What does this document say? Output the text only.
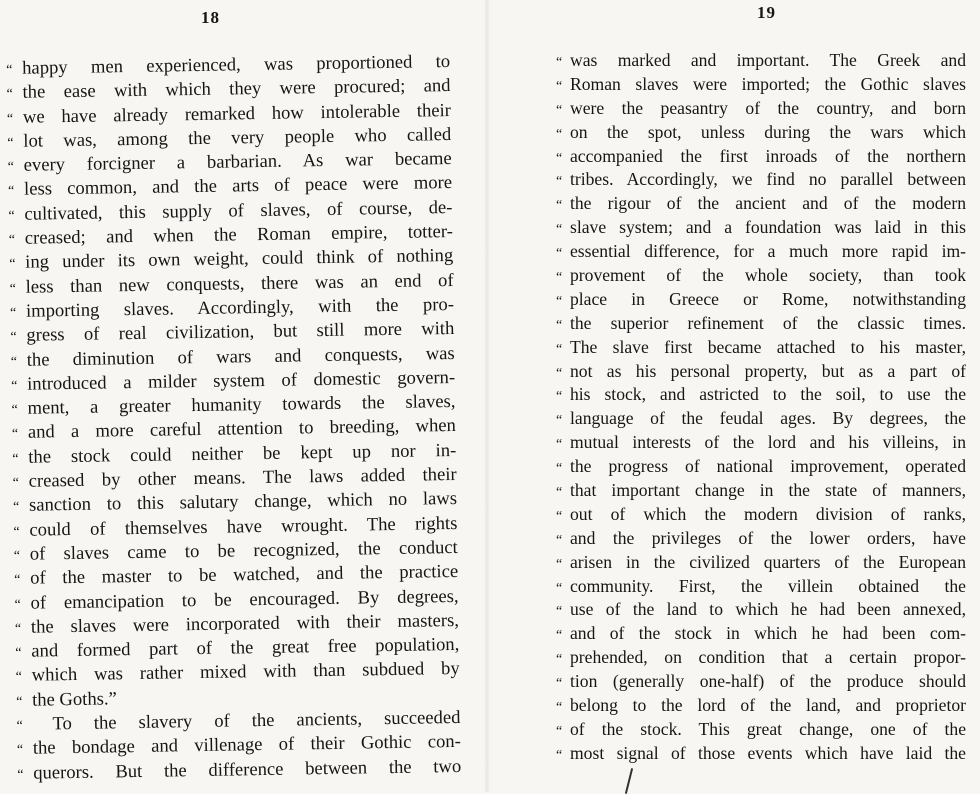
18
“ happy men experienced, was proportioned to
“ the ease with which they were procured; and
“ we have already remarked how intolerable their
“ lot was, among the very people who called
“ every forcigner a barbarian. As war became
“ less common, and the arts of peace were more
“ cultivated, this supply of slaves, of course, de-
“ creased; and when the Roman empire, totter-
“ ing under its own weight, could think of nothing
“ less than new conquests, there was an end of
“ importing slaves. Accordingly, with the pro-
“ gress of real civilization, but still more with
“ the diminution of wars and conquests, was
“ introduced a milder system of domestic govern-
“ ment, a greater humanity towards the slaves,
“ and a more careful attention to breeding, when
“ the stock could neither be kept up nor in-
“ creased by other means. The laws added their
“ sanction to this salutary change, which no laws
“ could of themselves have wrought. The rights
“ of slaves came to be recognized, the conduct
“ of the master to be watched, and the practice
“ of emancipation to be encouraged. By degrees,
“ the slaves were incorporated with their masters,
“ and formed part of the great free population,
“ which was rather mixed with than subdued by
“ the Goths.”
“	To the slavery of the ancients, succeeded
“ the bondage and villenage of their Gothic con-
“ querors. But the difference between the two
19
“ was marked and important. The Greek and
“ Roman slaves were imported; the Gothic slaves
“ were the peasantry of the country, and born
“ on the spot, unless during the wars which
“ accompanied the first inroads of the northern
“ tribes. Accordingly, we find no parallel between
“ the rigour of the ancient and of the modern
“ slave system; and a foundation was laid in this
“ essential difference, for a much more rapid im-
“ provement of the whole society, than took
“ place in Greece or Rome, notwithstanding
“ the superior refinement of the classic times.
“ The slave first became attached to his master,
“ not as his personal property, but as a part of
“ his stock, and astricted to the soil, to use the
“ language of the feudal ages. By degrees, the
“ mutual interests of the lord and his villeins, in
“ the progress of national improvement, operated
“ that important change in the state of manners,
“ out of which the modern division of ranks,
“ and the privileges of the lower orders, have
“ arisen in the civilized quarters of the European
“ community. First, the villein obtained the
“ use of the land to which he had been annexed,
“ and of the stock in which he had been com-
“ prehended, on condition that a certain propor-
“ tion (generally one-half) of the produce should
“ belong to the lord of the land, and proprietor
“ of the stock. This great change, one of the
“ most signal of those events which have laid the
